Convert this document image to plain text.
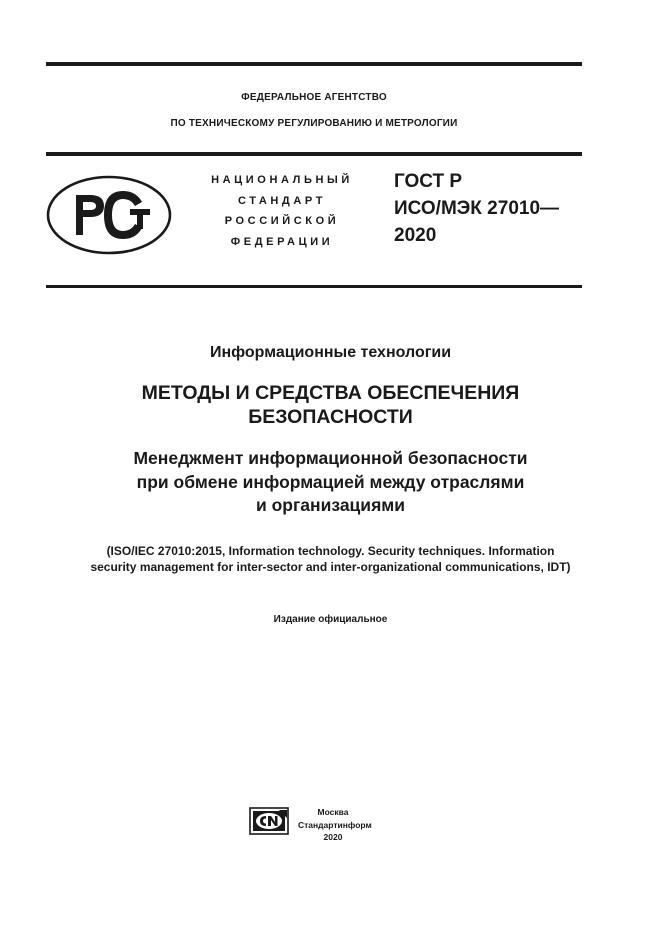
ФЕДЕРАЛЬНОЕ АГЕНТСТВО
ПО ТЕХНИЧЕСКОМУ РЕГУЛИРОВАНИЮ И МЕТРОЛОГИИ
НАЦИОНАЛЬНЫЙ
СТАНДАРТ
РОССИЙСКОЙ
ФЕДЕРАЦИИ
ГОСТ Р
ИСО/МЭК 27010—
2020
Информационные технологии
МЕТОДЫ И СРЕДСТВА ОБЕСПЕЧЕНИЯ
БЕЗОПАСНОСТИ
Менеджмент информационной безопасности
при обмене информацией между отраслями
и организациями
(ISO/IEC 27010:2015, Information technology. Security techniques. Information
security management for inter-sector and inter-organizational communications, IDT)
Издание официальное
Москва
Стандартинформ
2020
